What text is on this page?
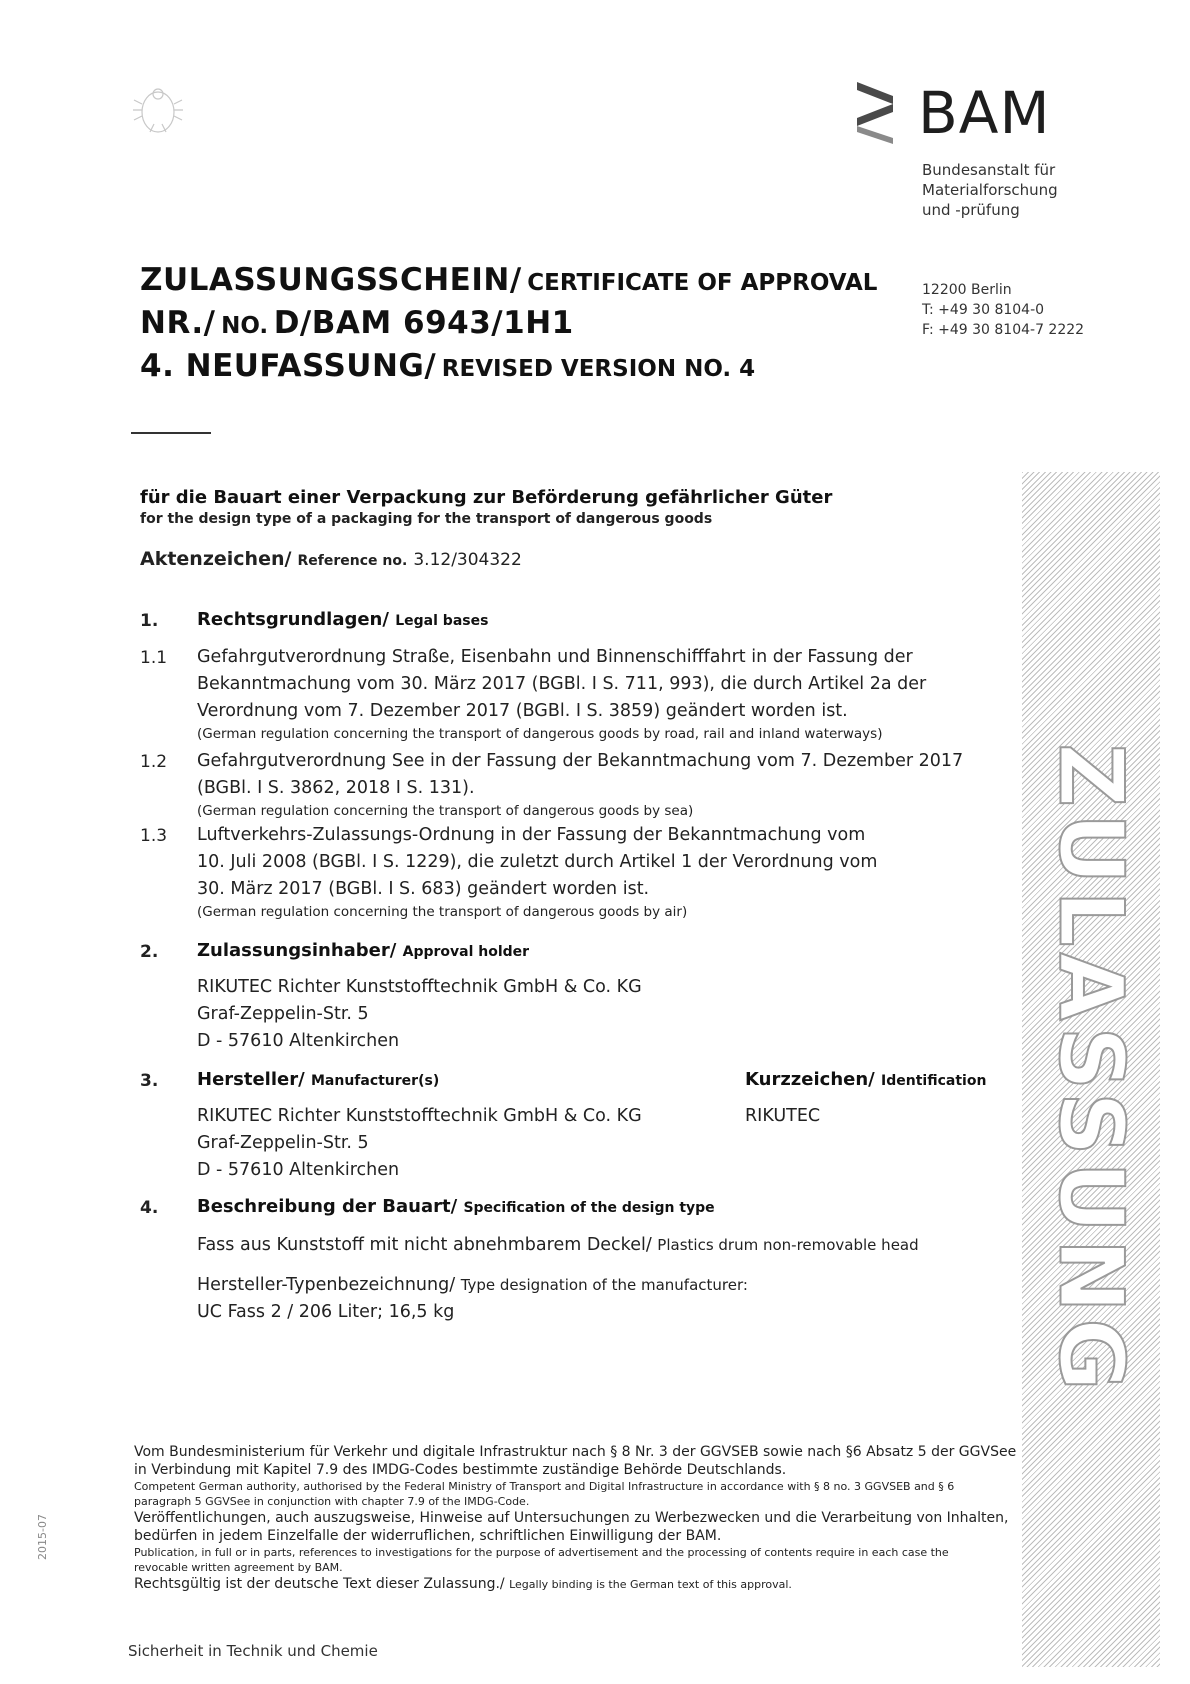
BAM
Bundesanstalt für
Materialforschung
und -prüfung
12200 Berlin
T: +49 30 8104-0
F: +49 30 8104-7 2222
ZULASSUNGSSCHEIN/ CERTIFICATE OF APPROVAL
NR./ NO. D/BAM 6943/1H1
4. NEUFASSUNG/ REVISED VERSION NO. 4
für die Bauart einer Verpackung zur Beförderung gefährlicher Güter
for the design type of a packaging for the transport of dangerous goods
Aktenzeichen/ Reference no. 3.12/304322
1. Rechtsgrundlagen/ Legal bases
1.1 Gefahrgutverordnung Straße, Eisenbahn und Binnenschifffahrt in der Fassung der
Bekanntmachung vom 30. März 2017 (BGBl. I S. 711, 993), die durch Artikel 2a der
Verordnung vom 7. Dezember 2017 (BGBl. I S. 3859) geändert worden ist.
(German regulation concerning the transport of dangerous goods by road, rail and inland waterways)
1.2 Gefahrgutverordnung See in der Fassung der Bekanntmachung vom 7. Dezember 2017
(BGBl. I S. 3862, 2018 I S. 131).
(German regulation concerning the transport of dangerous goods by sea)
1.3 Luftverkehrs-Zulassungs-Ordnung in der Fassung der Bekanntmachung vom
10. Juli 2008 (BGBl. I S. 1229), die zuletzt durch Artikel 1 der Verordnung vom
30. März 2017 (BGBl. I S. 683) geändert worden ist.
(German regulation concerning the transport of dangerous goods by air)
2. Zulassungsinhaber/ Approval holder
RIKUTEC Richter Kunststofftechnik GmbH & Co. KG
Graf-Zeppelin-Str. 5
D - 57610 Altenkirchen
3. Hersteller/ Manufacturer(s)	Kurzzeichen/ Identification
RIKUTEC Richter Kunststofftechnik GmbH & Co. KG
Graf-Zeppelin-Str. 5
D - 57610 Altenkirchen
RIKUTEC
4. Beschreibung der Bauart/ Specification of the design type
Fass aus Kunststoff mit nicht abnehmbarem Deckel/ Plastics drum non-removable head
Hersteller-Typenbezeichnung/ Type designation of the manufacturer:
UC Fass 2 / 206 Liter; 16,5 kg
Vom Bundesministerium für Verkehr und digitale Infrastruktur nach § 8 Nr. 3 der GGVSEB sowie nach §6 Absatz 5 der GGVSee
in Verbindung mit Kapitel 7.9 des IMDG-Codes bestimmte zuständige Behörde Deutschlands.
Competent German authority, authorised by the Federal Ministry of Transport and Digital Infrastructure in accordance with § 8 no. 3 GGVSEB and § 6
paragraph 5 GGVSee in conjunction with chapter 7.9 of the IMDG-Code.
Veröffentlichungen, auch auszugsweise, Hinweise auf Untersuchungen zu Werbezwecken und die Verarbeitung von Inhalten,
bedürfen in jedem Einzelfalle der widerruflichen, schriftlichen Einwilligung der BAM.
Publication, in full or in parts, references to investigations for the purpose of advertisement and the processing of contents require in each case the
revocable written agreement by BAM.
Rechtsgültig ist der deutsche Text dieser Zulassung./ Legally binding is the German text of this approval.
Sicherheit in Technik und Chemie
2015-07
ZULASSUNG
